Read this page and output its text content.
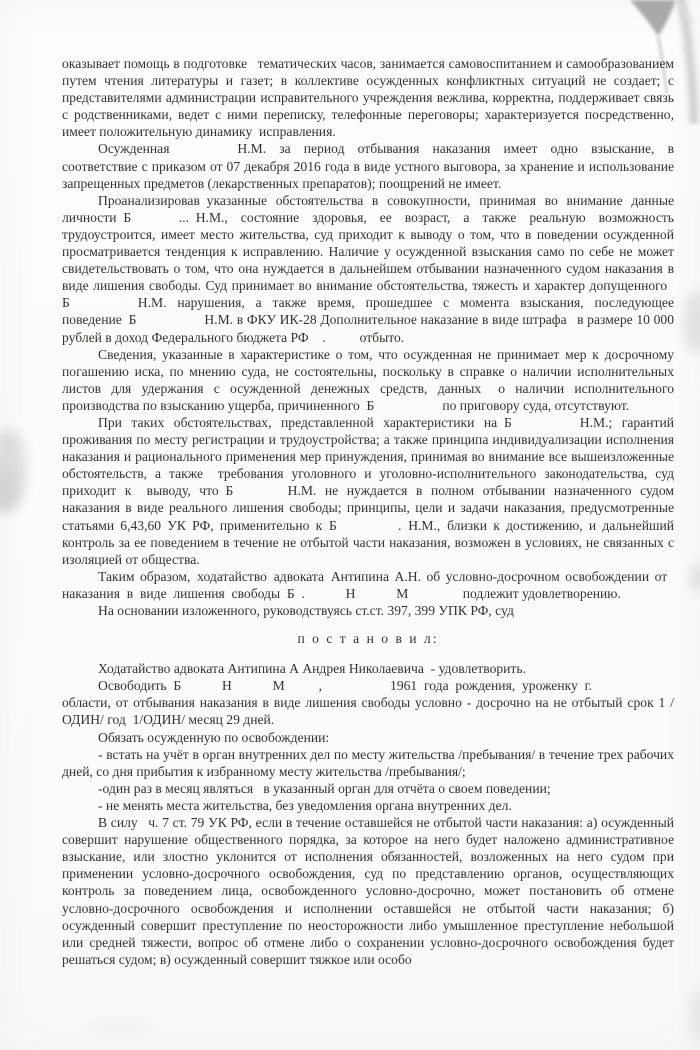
оказывает помощь в подготовке  тематических часов, занимается самовоспитанием и самообразованием путем чтения литературы и газет; в коллективе осужденных конфликтных ситуаций не создает; с представителями администрации исправительного учреждения вежлива, корректна, поддерживает связь с родственниками, ведет с ними переписку, телефонные переговоры; характеризуется посредственно, имеет положительную динамику исправления.

Осужденная     Н.М. за период отбывания наказания имеет одно взыскание, в соответствие с приказом от 07 декабря 2016 года в виде устного выговора, за хранение и использование запрещенных предметов (лекарственных препаратов); поощрений не имеет.

Проанализировав указанные обстоятельства в совокупности, принимая во внимание данные личности Б    ... Н.М., состояние здоровья, ее возраст, а также реальную возможность трудоустроится, имеет место жительства, суд приходит к выводу о том, что в поведении осужденной просматривается тенденция к исправлению. Наличие у осужденной взыскания само по себе не может свидетельствовать о том, что она нуждается в дальнейшем отбывании назначенного судом наказания в виде лишения свободы. Суд принимает во внимание обстоятельства, тяжесть и характер допущенного Б     Н.М. нарушения, а также время, прошедшее с момента взыскания, последующее поведение Б     Н.М. в ФКУ ИК-28 Дополнительное наказание в виде штрафа  в размере 10 000 рублей в доход Федерального бюджета РФ .   отбыто.

Сведения, указанные в характеристике о том, что осужденная не принимает мер к досрочному погашению иска, по мнению суда, не состоятельны, поскольку в справке о наличии исполнительных листов для удержания с осужденной денежных средств, данных  о наличии исполнительного производства по взысканию ущерба, причиненного Б     по приговору суда, отсутствуют.

При таких обстоятельствах, представленной характеристики на Б     Н.М.; гарантий проживания по месту регистрации и трудоустройства; а также принципа индивидуализации исполнения наказания и рационального применения мер принуждения, принимая во внимание все вышеизложенные обстоятельств, а также  требования уголовного и уголовно-исполнительного законодательства, суд приходит к  выводу, что Б    Н.М. не нуждается в полном отбывании назначенного судом наказания в виде реального лишения свободы; принципы, цели и задачи наказания, предусмотренные статьями 6,43,60 УК РФ, применительно к Б     . Н.М., близки к достижению, и дальнейший контроль за ее поведением в течение не отбытой части наказания, возможен в условиях, не связанных с изоляцией от общества.

Таким образом, ходатайство адвоката Антипина А.Н. об условно-досрочном освобождении от наказания в виде лишения свободы Б .   Н   М    подлежит удовлетворению.

На основании изложенного, руководствуясь ст.ст. 397, 399 УПК РФ, суд

п о с т а н о в и л:

Ходатайство адвоката Антипина А Андрея Николаевича - удовлетворить.

Освободить Б   Н   М   ,     1961 года рождения, уроженку г.      области, от отбывания наказания в виде лишения свободы условно - досрочно на не отбытый срок 1 /ОДИН/ год 1/ОДИН/ месяц 29 дней.

Обязать осужденную по освобождении:

- встать на учёт в орган внутренних дел по месту жительства /пребывания/ в течение трех рабочих дней, со дня прибытия к избранному месту жительства /пребывания/;

-один раз в месяц являться  в указанный орган для отчёта о своем поведении;

- не менять места жительства, без уведомления органа внутренних дел.

В силу  ч. 7 ст. 79 УК РФ, если в течение оставшейся не отбытой части наказания: а) осужденный совершит нарушение общественного порядка, за которое на него будет наложено административное взыскание, или злостно уклонится от исполнения обязанностей, возложенных на него судом при применении условно-досрочного освобождения, суд по представлению органов, осуществляющих контроль за поведением лица, освобожденного условно-досрочно, может постановить об отмене условно-досрочного освобождения и исполнении оставшейся не отбытой части наказания; б) осужденный совершит преступление по неосторожности либо умышленное преступление небольшой или средней тяжести, вопрос об отмене либо о сохранении условно-досрочного освобождения будет решаться судом; в) осужденный совершит тяжкое или особо
